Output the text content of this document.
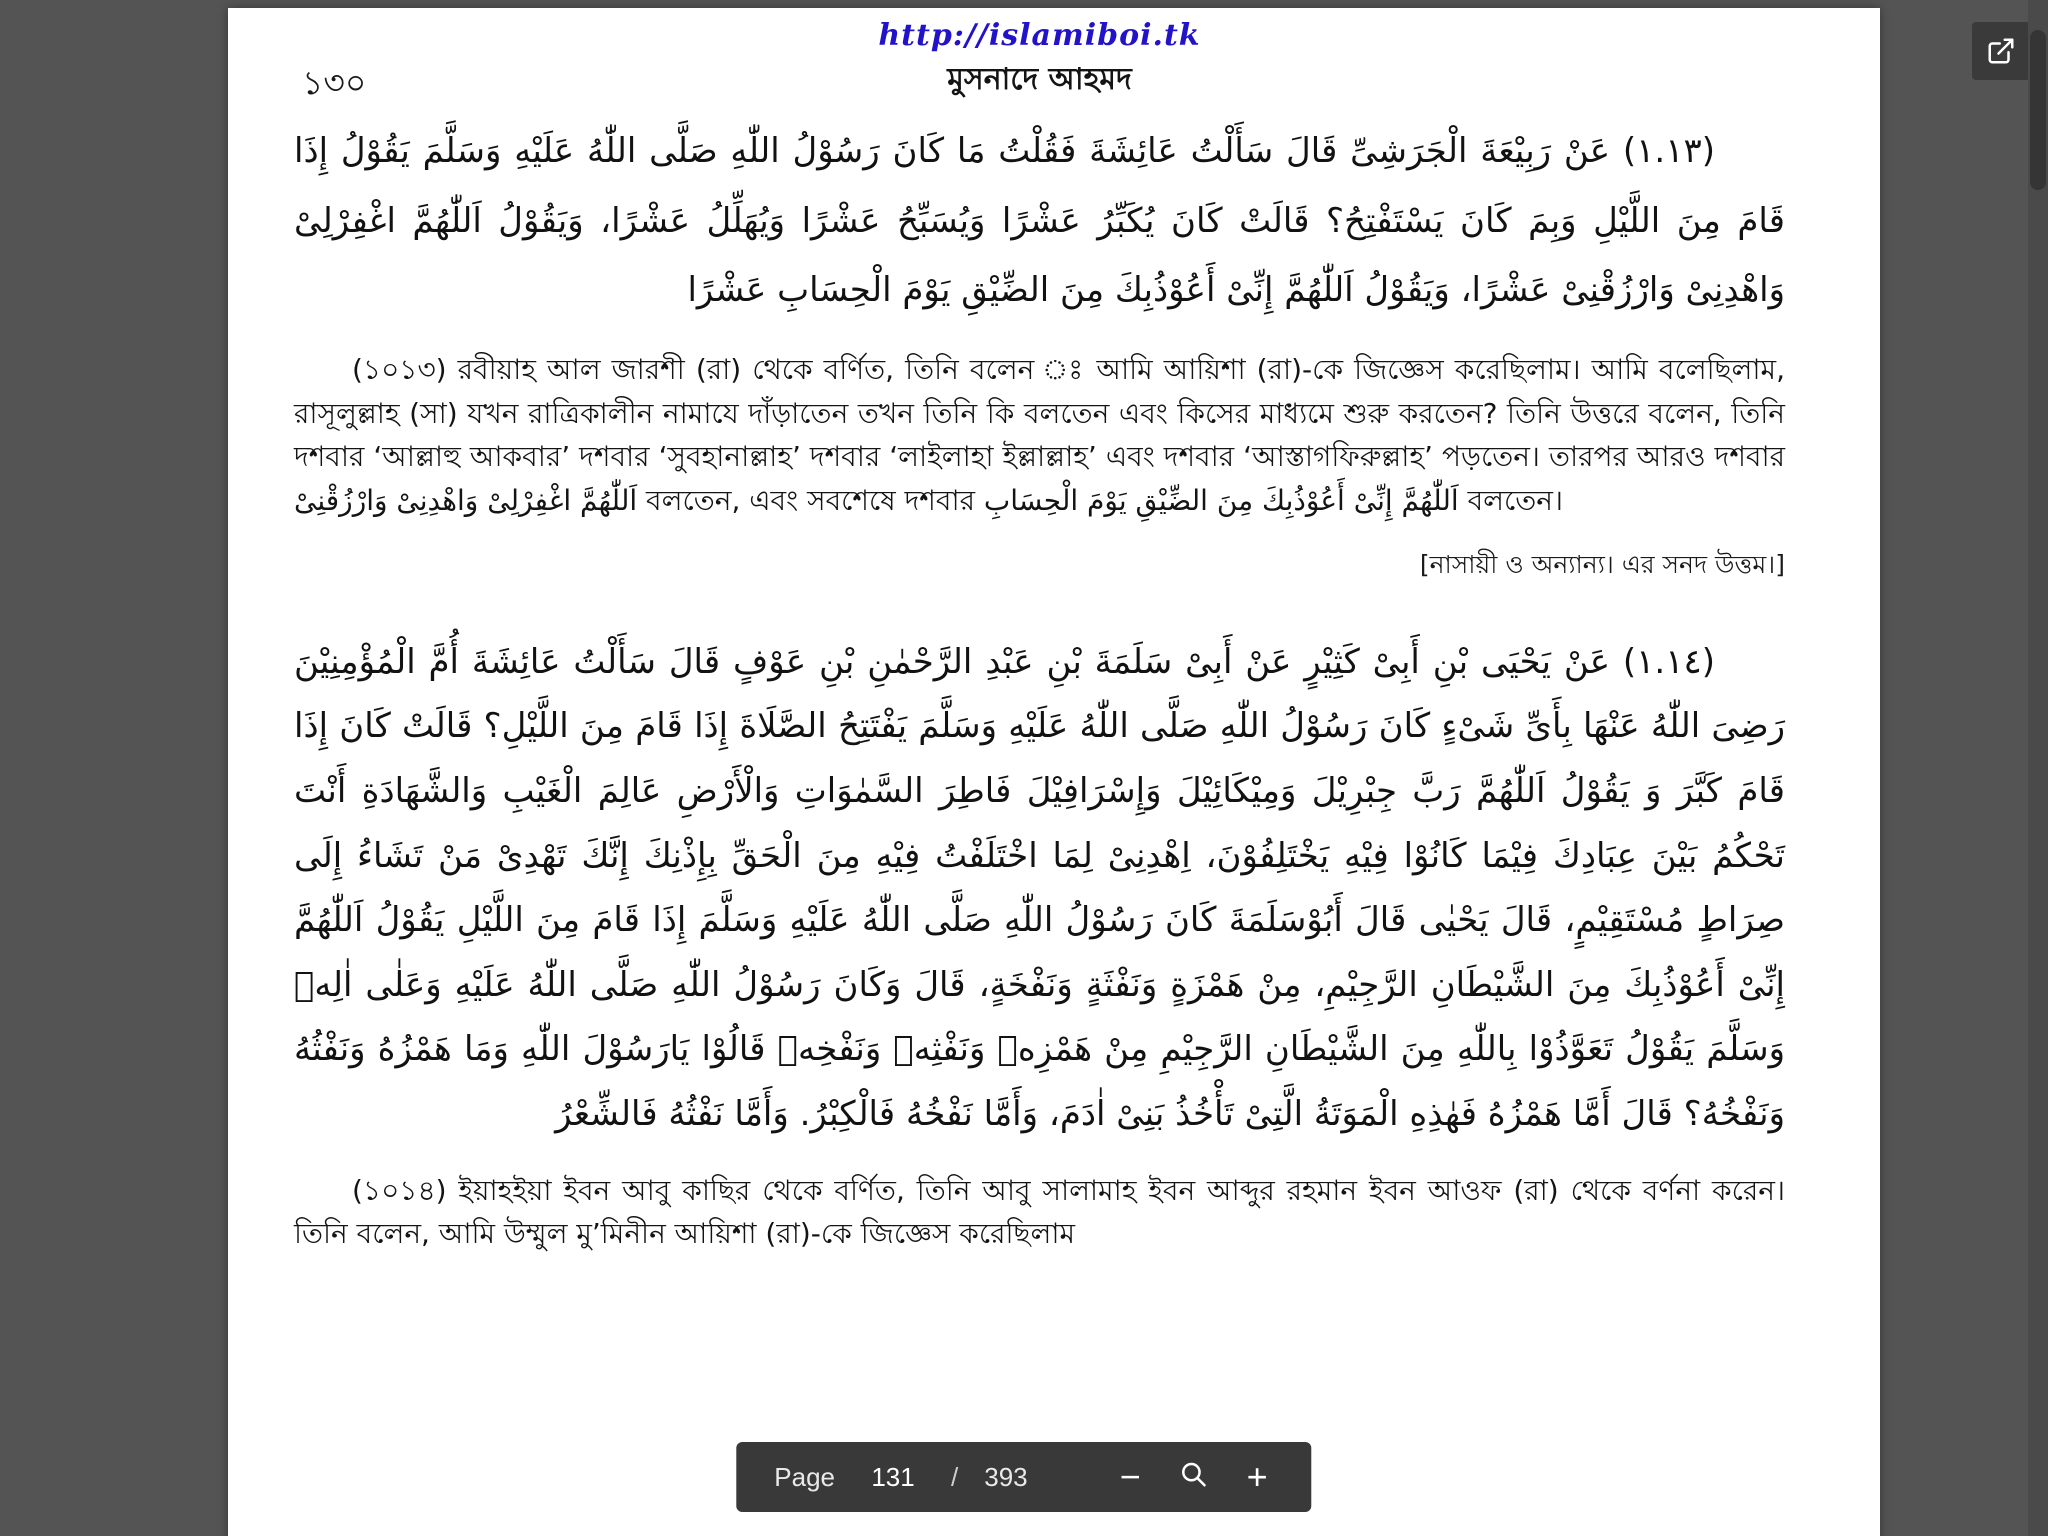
http://islamiboi.tk
১৩০	মুসনাদে আহমদ
(١.١٣) عَنْ رَبِيْعَةَ الْجَرَشِىِّ قَالَ سَأَلْتُ عَائِشَةَ فَقُلْتُ مَا كَانَ رَسُوْلُ اللّٰهِ صَلَّى اللّٰهُ عَلَيْهِ وَسَلَّمَ يَقُوْلُ إِذَا قَامَ مِنَ اللَّيْلِ وَبِمَ كَانَ يَسْتَفْتِحُ؟ قَالَتْ كَانَ يُكَبِّرُ عَشْرًا وَيُسَبِّحُ عَشْرًا وَيُهَلِّلُ عَشْرًا، وَيَقُوْلُ اَللّٰهُمَّ اغْفِرْلِىْ وَاهْدِنِىْ وَارْزُقْنِىْ عَشْرًا، وَيَقُوْلُ اَللّٰهُمَّ إِنِّىْ أَعُوْذُبِكَ مِنَ الضِّيْقِ يَوْمَ الْحِسَابِ عَشْرًا
(১০১৩) রবীয়াহ আল জারশী (রা) থেকে বর্ণিত, তিনি বলেন ঃ আমি আয়িশা (রা)-কে জিজ্ঞেস করেছিলাম। আমি বলেছিলাম, রাসূলুল্লাহ (সা) যখন রাত্রিকালীন নামাযে দাঁড়াতেন তখন তিনি কি বলতেন এবং কিসের মাধ্যমে শুরু করতেন? তিনি উত্তরে বলেন, তিনি দশবার ‘আল্লাহু আকবার’ দশবার ‘সুবহানাল্লাহ’ দশবার ‘লাইলাহা ইল্লাল্লাহ’ এবং দশবার ‘আস্তাগফিরুল্লাহ’ পড়তেন। তারপর আরও দশবার اَللّٰهُمَّ اغْفِرْلِىْ وَاهْدِنِىْ وَارْزُقْنِىْ বলতেন, এবং সবশেষে দশবার اَللّٰهُمَّ إِنِّىْ أَعُوْذُبِكَ مِنَ الضِّيْقِ يَوْمَ الْحِسَابِ বলতেন।
[নাসায়ী ও অন্যান্য। এর সনদ উত্তম।]
(١.١٤) عَنْ يَحْيَى بْنِ أَبِىْ كَثِيْرٍ عَنْ أَبِىْ سَلَمَةَ بْنِ عَبْدِ الرَّحْمٰنِ بْنِ عَوْفٍ قَالَ سَأَلْتُ عَائِشَةَ أُمَّ الْمُؤْمِنِيْنَ رَضِىَ اللّٰهُ عَنْهَا بِأَىِّ شَىْءٍ كَانَ رَسُوْلُ اللّٰهِ صَلَّى اللّٰهُ عَلَيْهِ وَسَلَّمَ يَفْتَتِحُ الصَّلَاةَ إِذَا قَامَ مِنَ اللَّيْلِ؟ قَالَتْ كَانَ إِذَا قَامَ كَبَّرَ وَ يَقُوْلُ اَللّٰهُمَّ رَبَّ جِبْرِيْلَ وَمِيْكَائِيْلَ وَإِسْرَافِيْلَ فَاطِرَ السَّمٰوَاتِ وَالْأَرْضِ عَالِمَ الْغَيْبِ وَالشَّهَادَةِ أَنْتَ تَحْكُمُ بَيْنَ عِبَادِكَ فِيْمَا كَانُوْا فِيْهِ يَخْتَلِفُوْنَ، اِهْدِنِىْ لِمَا اخْتَلَفْتُ فِيْهِ مِنَ الْحَقِّ بِإِذْنِكَ إِنَّكَ تَهْدِىْ مَنْ تَشَاءُ إِلَى صِرَاطٍ مُسْتَقِيْمٍ، قَالَ يَحْيٰى قَالَ أَبُوْسَلَمَةَ كَانَ رَسُوْلُ اللّٰهِ صَلَّى اللّٰهُ عَلَيْهِ وَسَلَّمَ إِذَا قَامَ مِنَ اللَّيْلِ يَقُوْلُ اَللّٰهُمَّ إِنِّىْ أَعُوْذُبِكَ مِنَ الشَّيْطَانِ الرَّجِيْمِ، مِنْ هَمْزَةٍ وَنَفْثَةٍ وَنَفْخَةٍ، قَالَ وَكَانَ رَسُوْلُ اللّٰهِ صَلَّى اللّٰهُ عَلَيْهِ وَعَلٰى اٰلِهٖ وَسَلَّمَ يَقُوْلُ تَعَوَّذُوْا بِاللّٰهِ مِنَ الشَّيْطَانِ الرَّجِيْمِ مِنْ هَمْزِهٖ وَنَفْثِهٖ وَنَفْخِهٖ قَالُوْا يَارَسُوْلَ اللّٰهِ وَمَا هَمْزُهُ وَنَفْثُهُ وَنَفْخُهُ؟ قَالَ أَمَّا هَمْزُهُ فَهٰذِهِ الْمَوَتَةُ الَّتِىْ تَأْخُذُ بَنِىْ اٰدَمَ، وَأَمَّا نَفْخُهُ فَالْكِبْرُ. وَأَمَّا نَفْثُهُ فَالشِّعْرُ
(১০১৪) ইয়াহইয়া ইবন আবু কাছির থেকে বর্ণিত, তিনি আবু সালামাহ ইবন আব্দুর রহমান ইবন আওফ (রা) থেকে বর্ণনা করেন। তিনি বলেন, আমি উম্মুল মু’মিনীন আয়িশা (রা)-কে জিজ্ঞেস করেছিলাম
Page
131	/ 393	−	+
